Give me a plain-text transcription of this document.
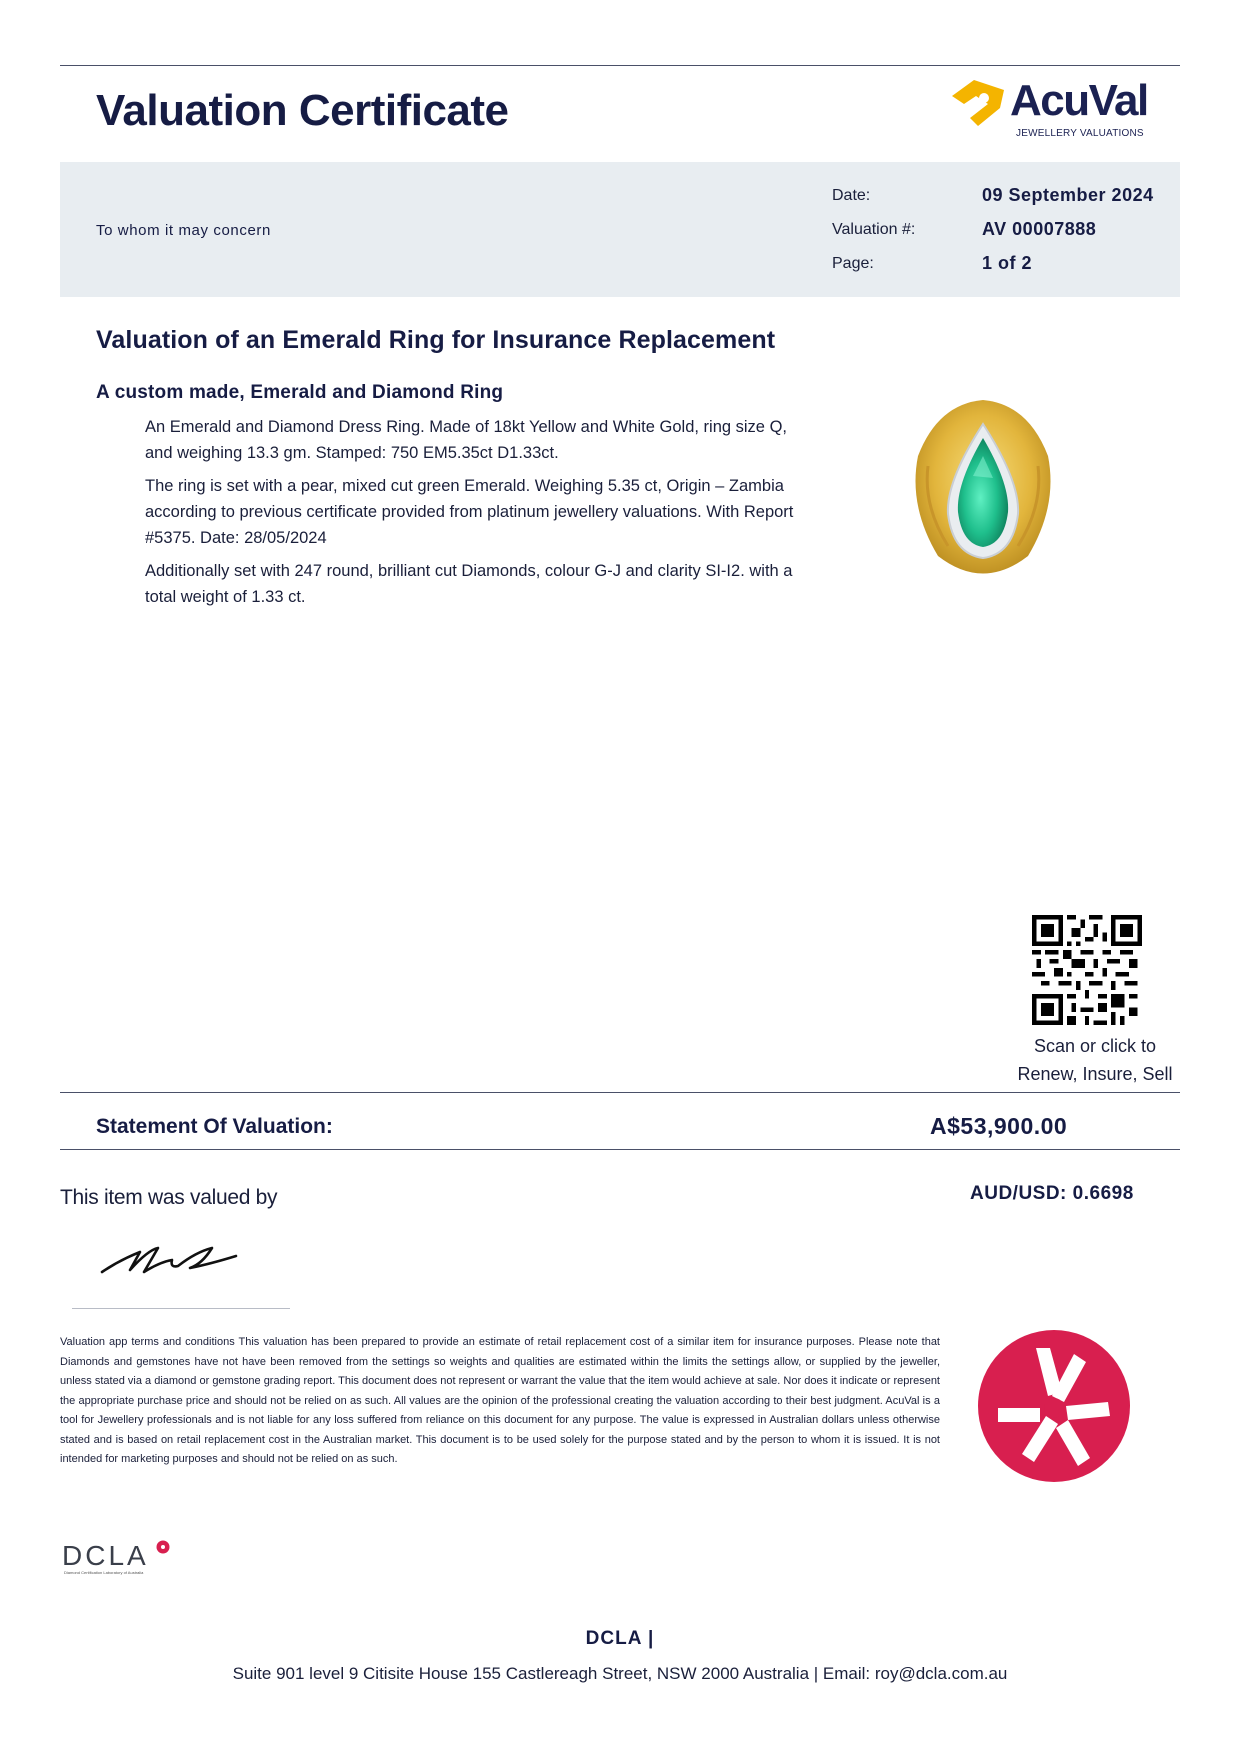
Valuation Certificate	AcuVal
JEWELLERY VALUATIONS
To whom it may concern
Date:	09 September 2024
Valuation #:	AV 00007888
Page:	1 of 2
Valuation of an Emerald Ring for Insurance Replacement
A custom made, Emerald and Diamond Ring
An Emerald and Diamond Dress Ring. Made of 18kt Yellow and White Gold, ring size Q, and weighing 13.3 gm. Stamped: 750 EM5.35ct D1.33ct.
The ring is set with a pear, mixed cut green Emerald. Weighing 5.35 ct, Origin – Zambia according to previous certificate provided from platinum jewellery valuations. With Report #5375. Date: 28/05/2024
Additionally set with 247 round, brilliant cut Diamonds, colour G-J and clarity SI-I2. with a total weight of 1.33 ct.
Scan or click to
Renew, Insure, Sell
Statement Of Valuation:	A$53,900.00
This item was valued by	AUD/USD: 0.6698
Valuation app terms and conditions This valuation has been prepared to provide an estimate of retail replacement cost of a similar item for insurance purposes. Please note that Diamonds and gemstones have not have been removed from the settings so weights and qualities are estimated within the limits the settings allow, or supplied by the jeweller, unless stated via a diamond or gemstone grading report. This document does not represent or warrant the value that the item would achieve at sale. Nor does it indicate or represent the appropriate purchase price and should not be relied on as such. All values are the opinion of the professional creating the valuation according to their best judgment. AcuVal is a tool for Jewellery professionals and is not liable for any loss suffered from reliance on this document for any purpose. The value is expressed in Australian dollars unless otherwise stated and is based on retail replacement cost in the Australian market. This document is to be used solely for the purpose stated and by the person to whom it is issued. It is not intended for marketing purposes and should not be relied on as such.
DCLA
Diamond Certification Laboratory of Australia
DCLA |
Suite 901 level 9 Citisite House 155 Castlereagh Street, NSW 2000 Australia | Email: roy@dcla.com.au
